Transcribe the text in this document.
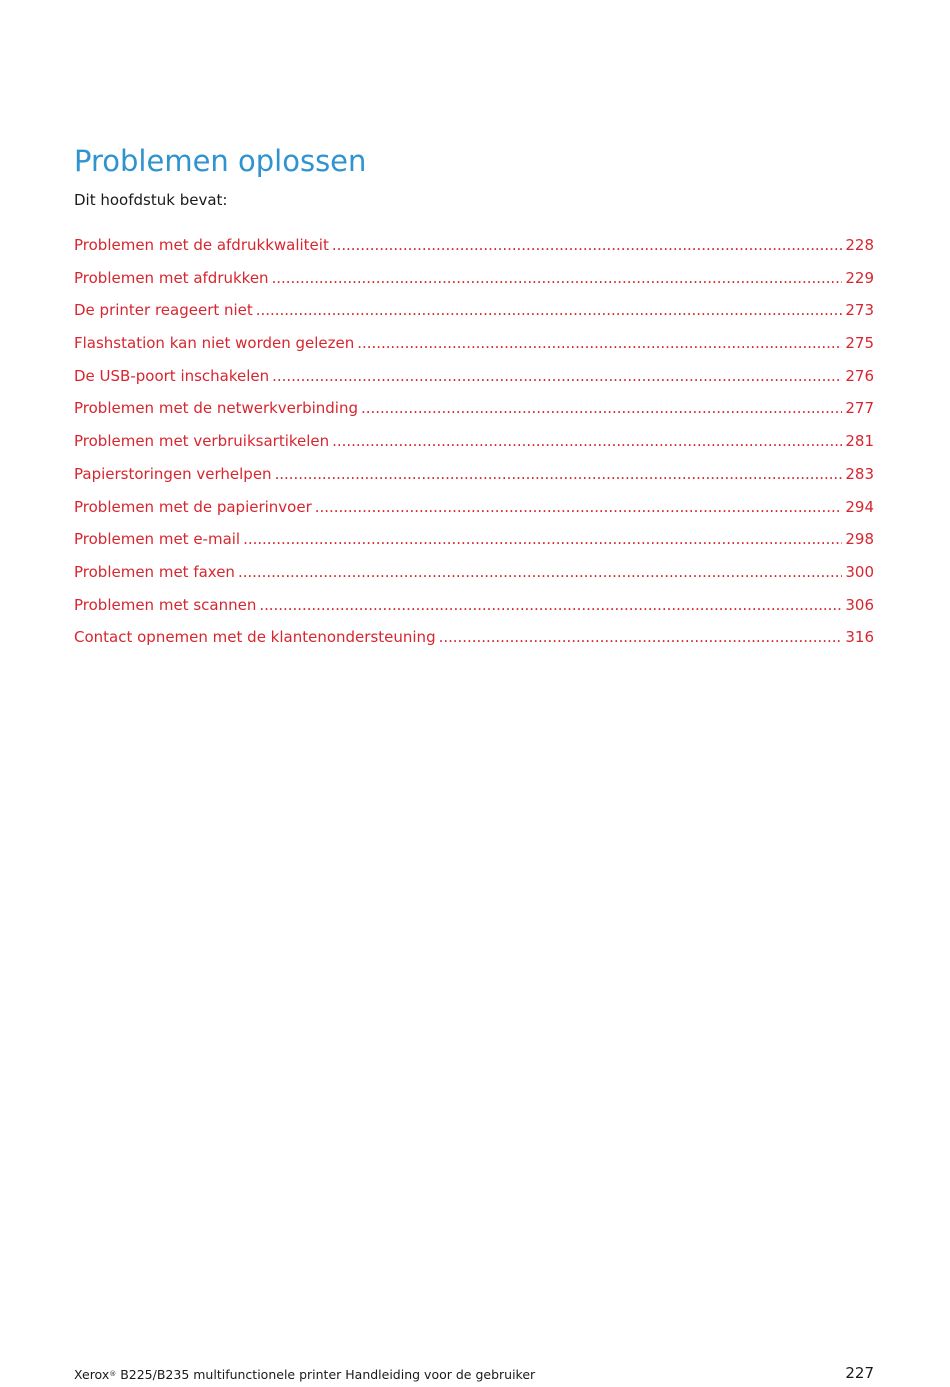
Problemen oplossen

Dit hoofdstuk bevat:

Problemen met de afdrukkwaliteit . . .	228
Problemen met afdrukken . . .	229
De printer reageert niet . . .	273
Flashstation kan niet worden gelezen . . .	275
De USB-poort inschakelen . . .	276
Problemen met de netwerkverbinding . . .	277
Problemen met verbruiksartikelen . . .	281
Papierstoringen verhelpen . . .	283
Problemen met de papierinvoer . . .	294
Problemen met e-mail . . .	298
Problemen met faxen . . .	300
Problemen met scannen . . .	306
Contact opnemen met de klantenondersteuning . . .	316
Xerox® B225/B235 multifunctionele printer Handleiding voor de gebruiker	227
